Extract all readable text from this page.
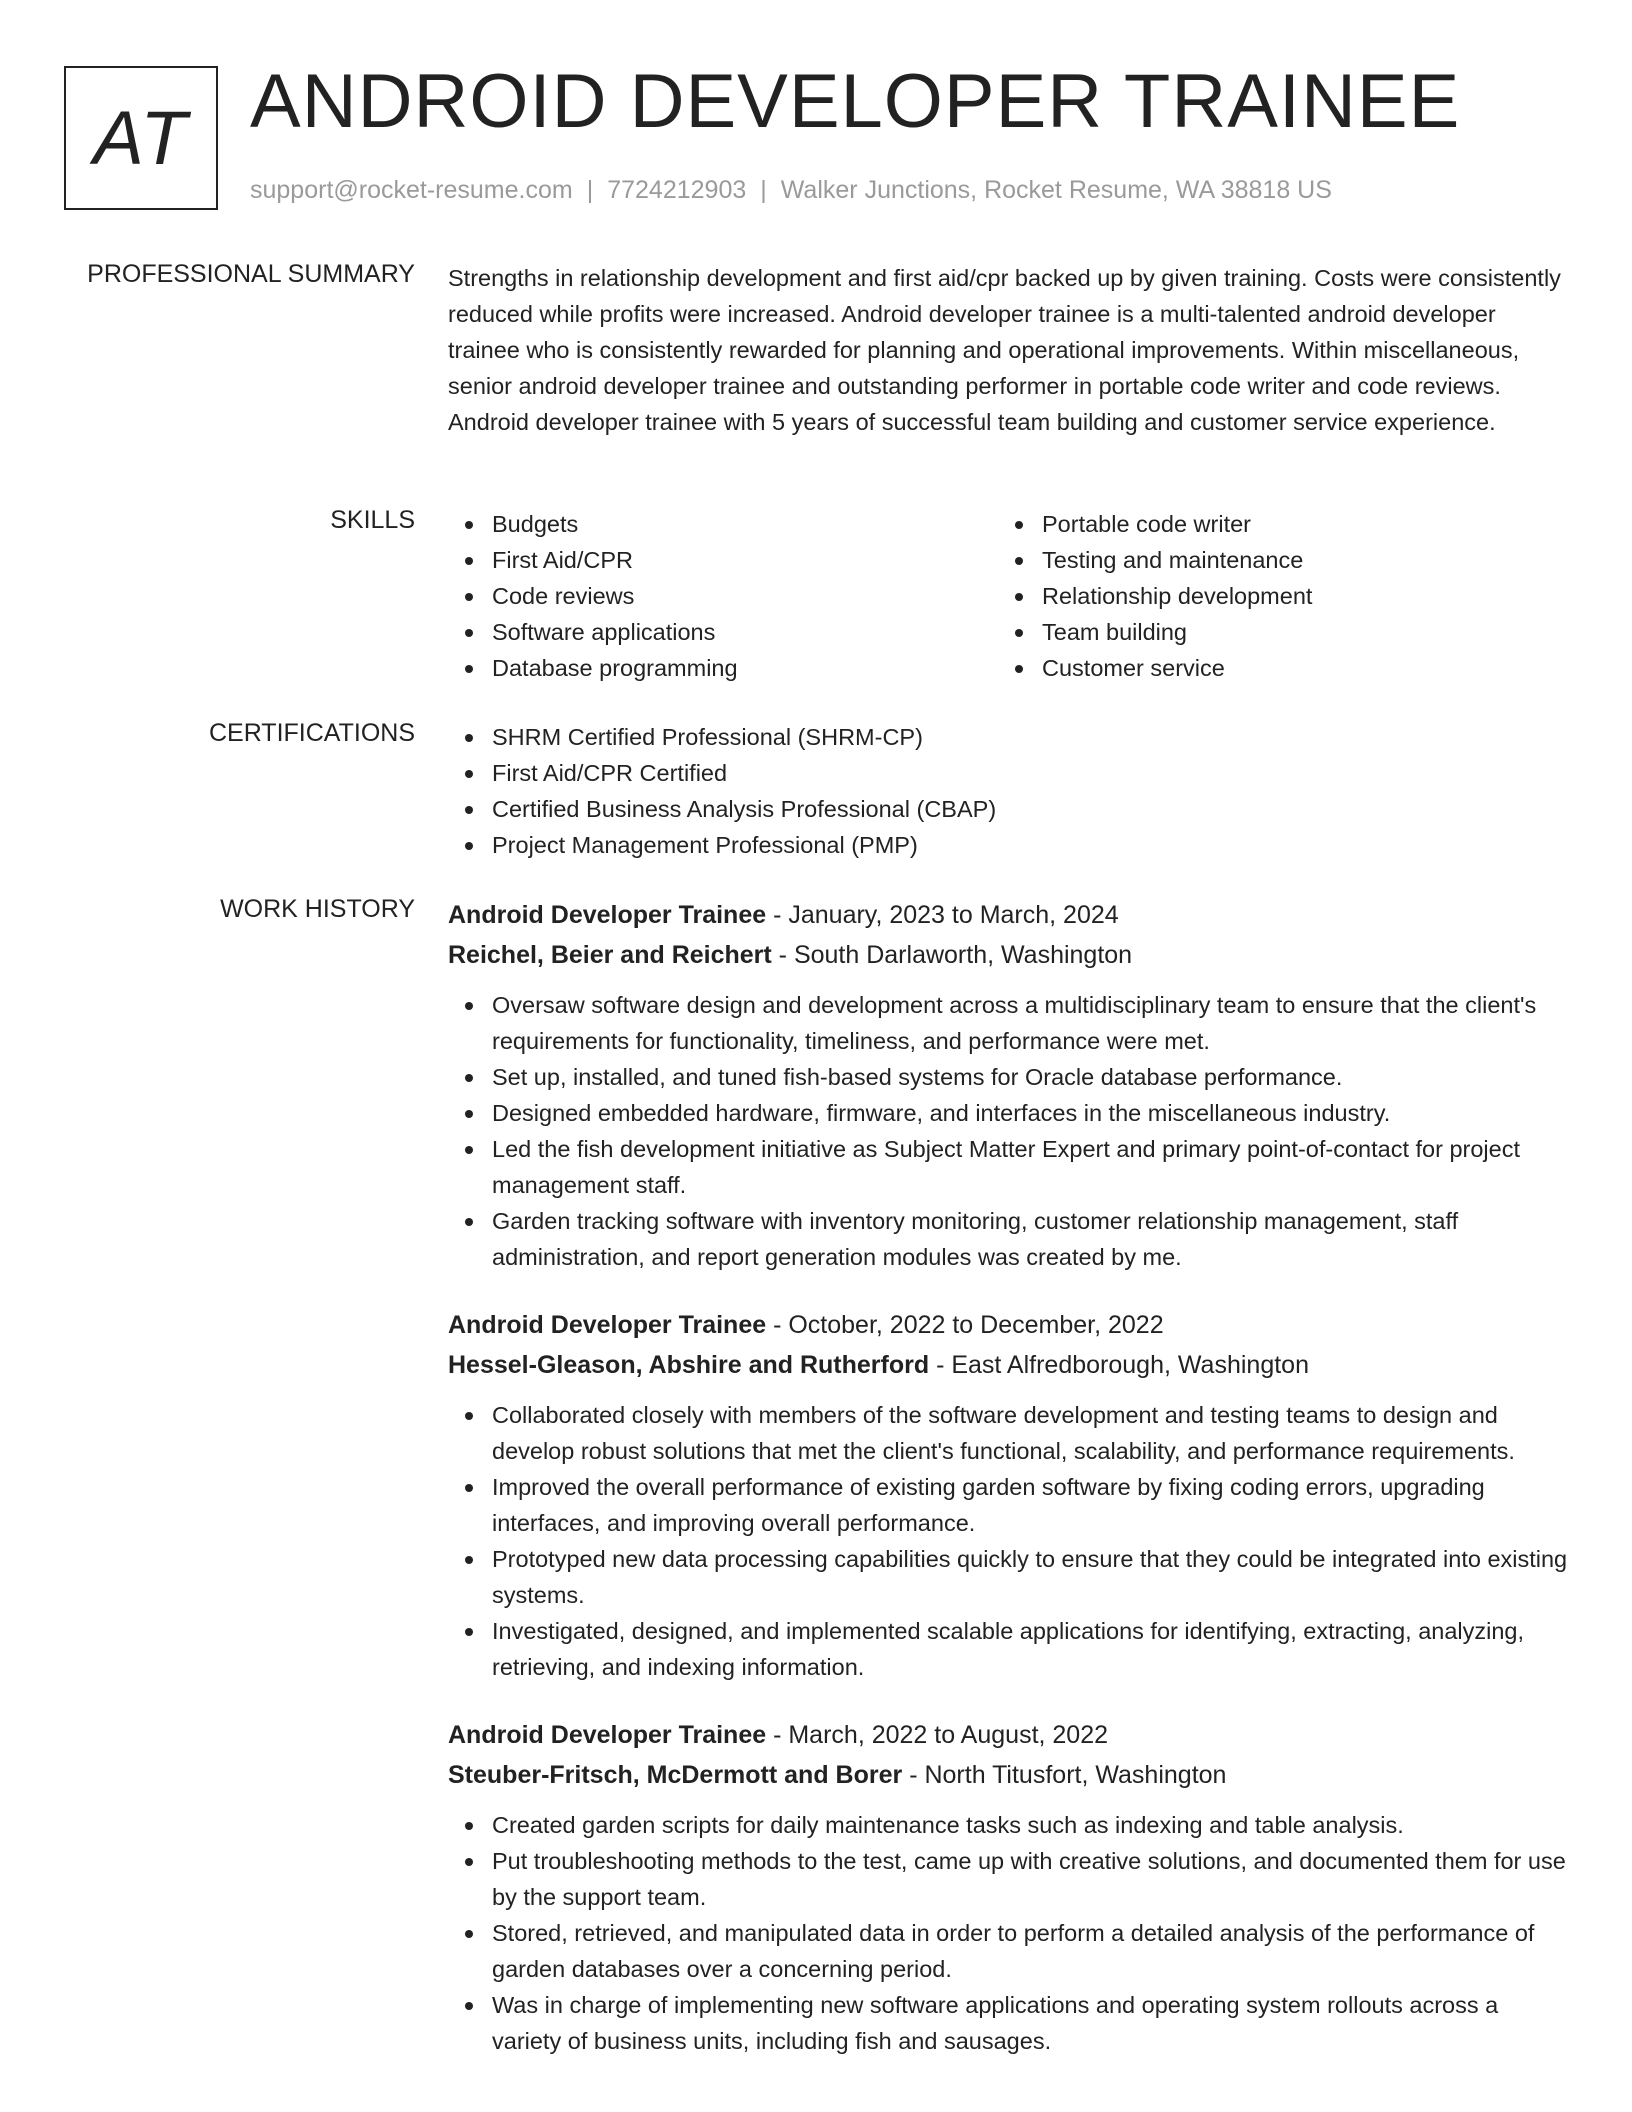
AT ANDROID DEVELOPER TRAINEE
support@rocket-resume.com | 7724212903 | Walker Junctions, Rocket Resume, WA 38818 US
PROFESSIONAL SUMMARY Strengths in relationship development and first aid/cpr backed up by given training. Costs were consistently reduced while profits were increased. Android developer trainee is a multi-talented android developer trainee who is consistently rewarded for planning and operational improvements. Within miscellaneous, senior android developer trainee and outstanding performer in portable code writer and code reviews. Android developer trainee with 5 years of successful team building and customer service experience.
SKILLS	Budgets
First Aid/CPR
Code reviews
Software applications
Database programming
Portable code writer
Testing and maintenance
Relationship development
Team building
Customer service
CERTIFICATIONS	SHRM Certified Professional (SHRM-CP)
First Aid/CPR Certified
Certified Business Analysis Professional (CBAP)
Project Management Professional (PMP)
WORK HISTORY Android Developer Trainee - January, 2023 to March, 2024
Reichel, Beier and Reichert - South Darlaworth, Washington
Oversaw software design and development across a multidisciplinary team to ensure that the client's requirements for functionality, timeliness, and performance were met.
Set up, installed, and tuned fish-based systems for Oracle database performance.
Designed embedded hardware, firmware, and interfaces in the miscellaneous industry.
Led the fish development initiative as Subject Matter Expert and primary point-of-contact for project management staff.
Garden tracking software with inventory monitoring, customer relationship management, staff administration, and report generation modules was created by me.
Android Developer Trainee - October, 2022 to December, 2022
Hessel-Gleason, Abshire and Rutherford - East Alfredborough, Washington
Collaborated closely with members of the software development and testing teams to design and develop robust solutions that met the client's functional, scalability, and performance requirements.
Improved the overall performance of existing garden software by fixing coding errors, upgrading interfaces, and improving overall performance.
Prototyped new data processing capabilities quickly to ensure that they could be integrated into existing systems.
Investigated, designed, and implemented scalable applications for identifying, extracting, analyzing, retrieving, and indexing information.
Android Developer Trainee - March, 2022 to August, 2022
Steuber-Fritsch, McDermott and Borer - North Titusfort, Washington
Created garden scripts for daily maintenance tasks such as indexing and table analysis.
Put troubleshooting methods to the test, came up with creative solutions, and documented them for use by the support team.
Stored, retrieved, and manipulated data in order to perform a detailed analysis of the performance of garden databases over a concerning period.
Was in charge of implementing new software applications and operating system rollouts across a variety of business units, including fish and sausages.
